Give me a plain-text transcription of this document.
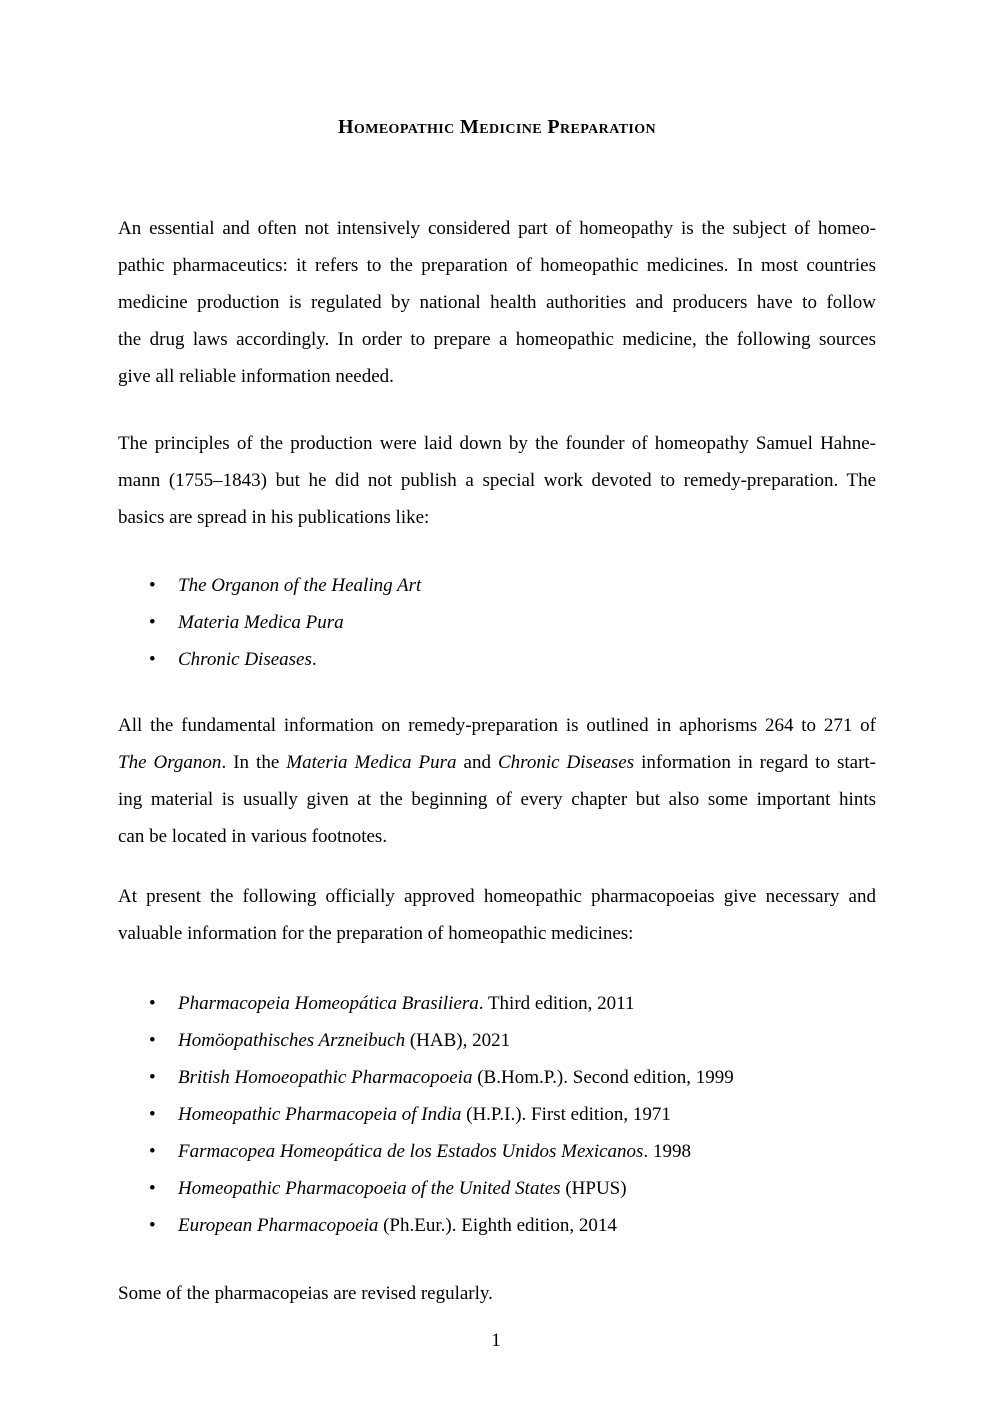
Homeopathic Medicine Preparation
An essential and often not intensively considered part of homeopathy is the subject of homeo-
pathic pharmaceutics: it refers to the preparation of homeopathic medicines. In most countries
medicine production is regulated by national health authorities and producers have to follow
the drug laws accordingly. In order to prepare a homeopathic medicine, the following sources
give all reliable information needed.
The principles of the production were laid down by the founder of homeopathy Samuel Hahne-
mann (1755–1843) but he did not publish a special work devoted to remedy-preparation. The
basics are spread in his publications like:
• The Organon of the Healing Art
• Materia Medica Pura
• Chronic Diseases.
All the fundamental information on remedy-preparation is outlined in aphorisms 264 to 271 of
The Organon. In the Materia Medica Pura and Chronic Diseases information in regard to start-
ing material is usually given at the beginning of every chapter but also some important hints
can be located in various footnotes.
At present the following officially approved homeopathic pharmacopoeias give necessary and
valuable information for the preparation of homeopathic medicines:
• Pharmacopeia Homeopática Brasiliera. Third edition, 2011
• Homöopathisches Arzneibuch (HAB), 2021
• British Homoeopathic Pharmacopoeia (B.Hom.P.). Second edition, 1999
• Homeopathic Pharmacopeia of India (H.P.I.). First edition, 1971
• Farmacopea Homeopática de los Estados Unidos Mexicanos. 1998
• Homeopathic Pharmacopoeia of the United States (HPUS)
• European Pharmacopoeia (Ph.Eur.). Eighth edition, 2014
Some of the pharmacopeias are revised regularly.
1
